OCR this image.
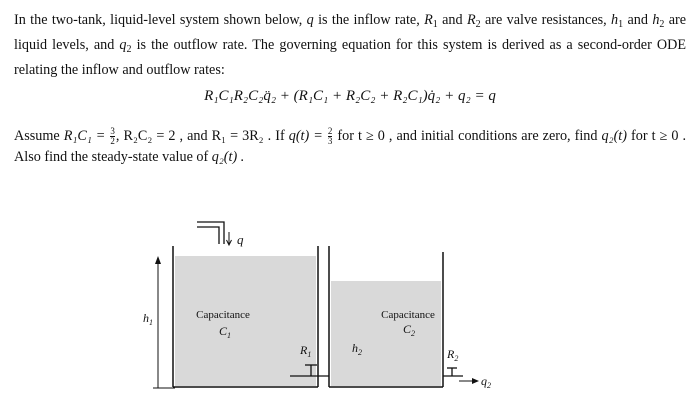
In the two-tank, liquid-level system shown below, q is the inflow rate, $R_1$ and $R_2$ are valve resistances, $h_1$ and $h_2$ are liquid levels, and $q_2$ is the outflow rate. The governing equation for this system is derived as a second-order ODE relating the inflow and outflow rates:

R₁C₁R₂C₂q̈₂ + (R₁C₁ + R₂C₂ + R₂C₁)q̇₂ + q₂ = q

Assume $R_1C_1 = \frac{3}{2}$ , R₂C₂ = 2 , and R₁ = 3R₂ . If $q(t) = \frac{2}{3}$ for t ≥ 0 , and initial conditions are zero, find q₂(t) for t ≥ 0 . Also find the steady-state value of q₂(t) .

q
$h_1$
Capacitance
$C_1$
Capacitance
$C_2$
$R_1$	$h_2$	$R_2$
$q_2$
